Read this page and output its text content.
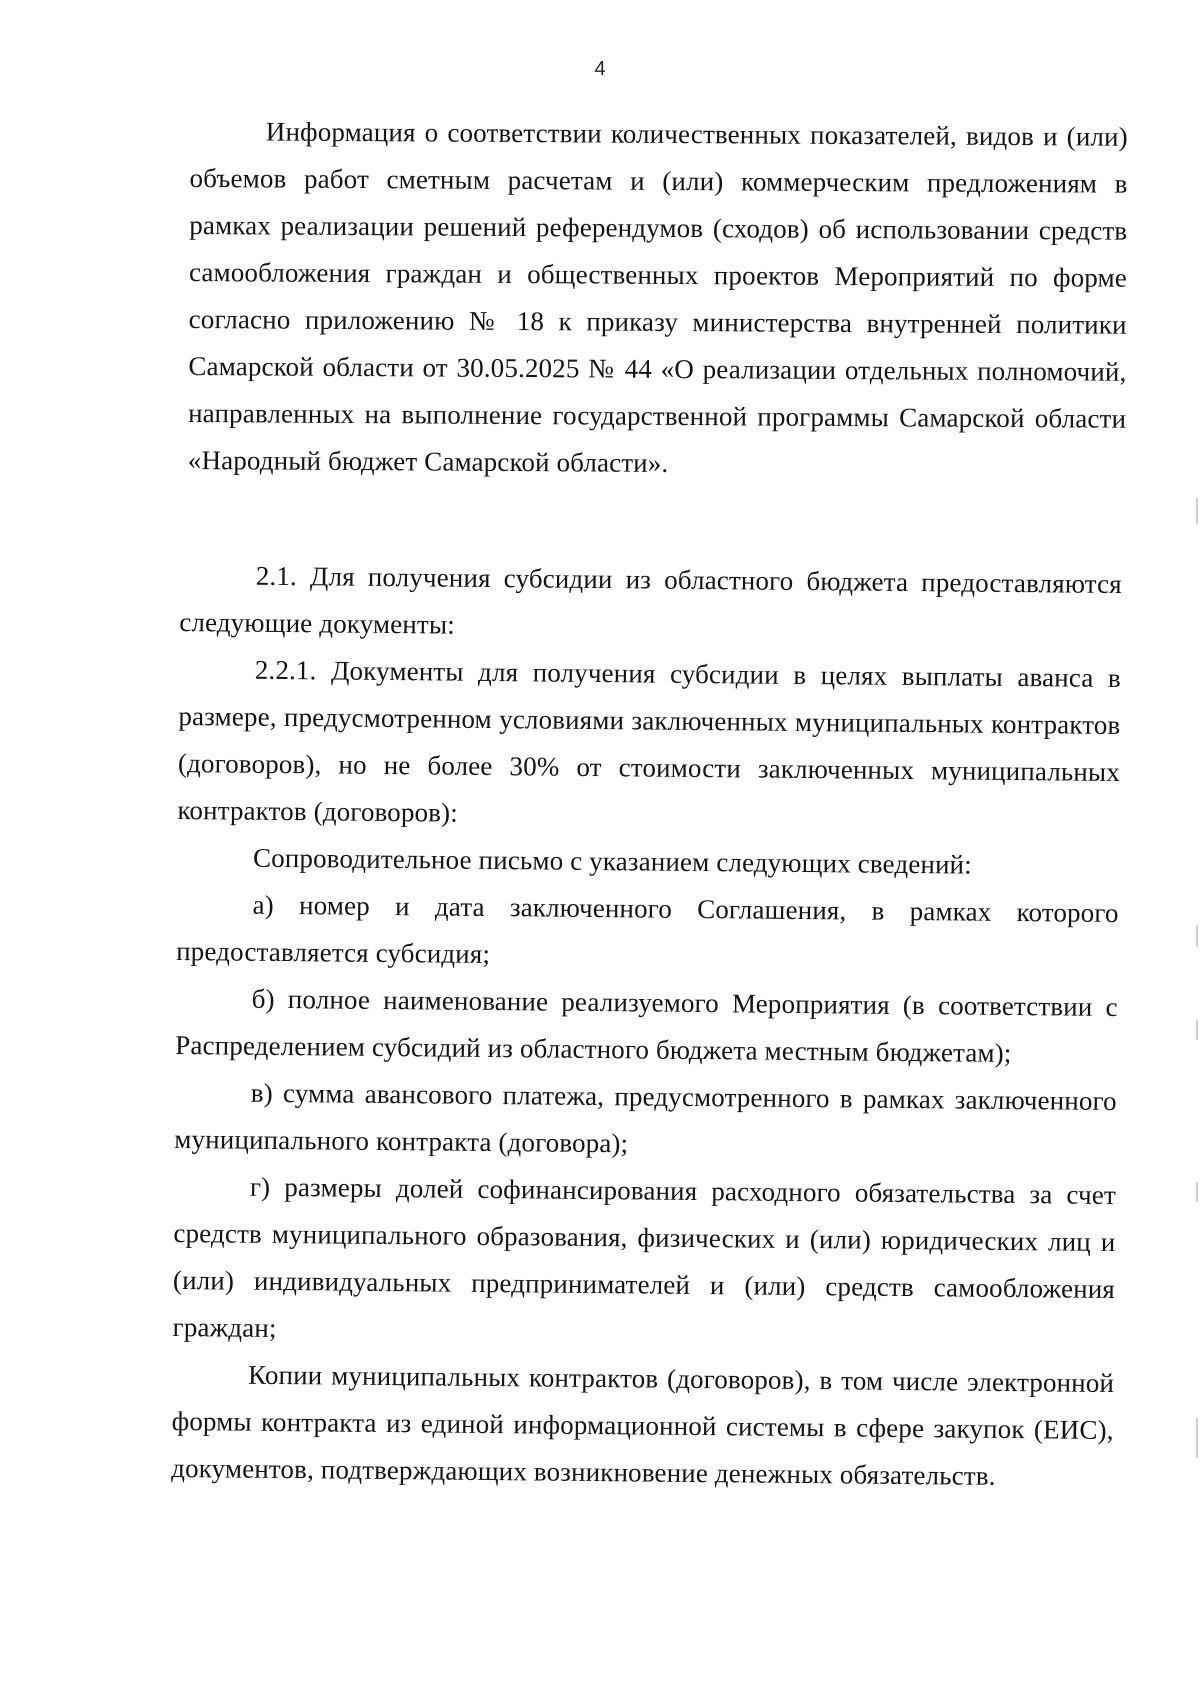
4

Информация о соответствии количественных показателей, видов и (или) объемов работ сметным расчетам и (или) коммерческим предложениям в рамках реализации решений референдумов (сходов) об использовании средств самообложения граждан и общественных проектов Мероприятий по форме согласно приложению № 18 к приказу министерства внутренней политики Самарской области от 30.05.2025 № 44 «О реализации отдельных полномочий, направленных на выполнение государственной программы Самарской области «Народный бюджет Самарской области».

2.1. Для получения субсидии из областного бюджета предоставляются следующие документы:

2.2.1. Документы для получения субсидии в целях выплаты аванса в размере, предусмотренном условиями заключенных муниципальных контрактов (договоров), но не более 30% от стоимости заключенных муниципальных контрактов (договоров):

Сопроводительное письмо с указанием следующих сведений:

а) номер и дата заключенного Соглашения, в рамках которого предоставляется субсидия;

б) полное наименование реализуемого Мероприятия (в соответствии с Распределением субсидий из областного бюджета местным бюджетам);

в) сумма авансового платежа, предусмотренного в рамках заключенного муниципального контракта (договора);

г) размеры долей софинансирования расходного обязательства за счет средств муниципального образования, физических и (или) юридических лиц и (или) индивидуальных предпринимателей и (или) средств самообложения граждан;

Копии муниципальных контрактов (договоров), в том числе электронной формы контракта из единой информационной системы в сфере закупок (ЕИС), документов, подтверждающих возникновение денежных обязательств.
